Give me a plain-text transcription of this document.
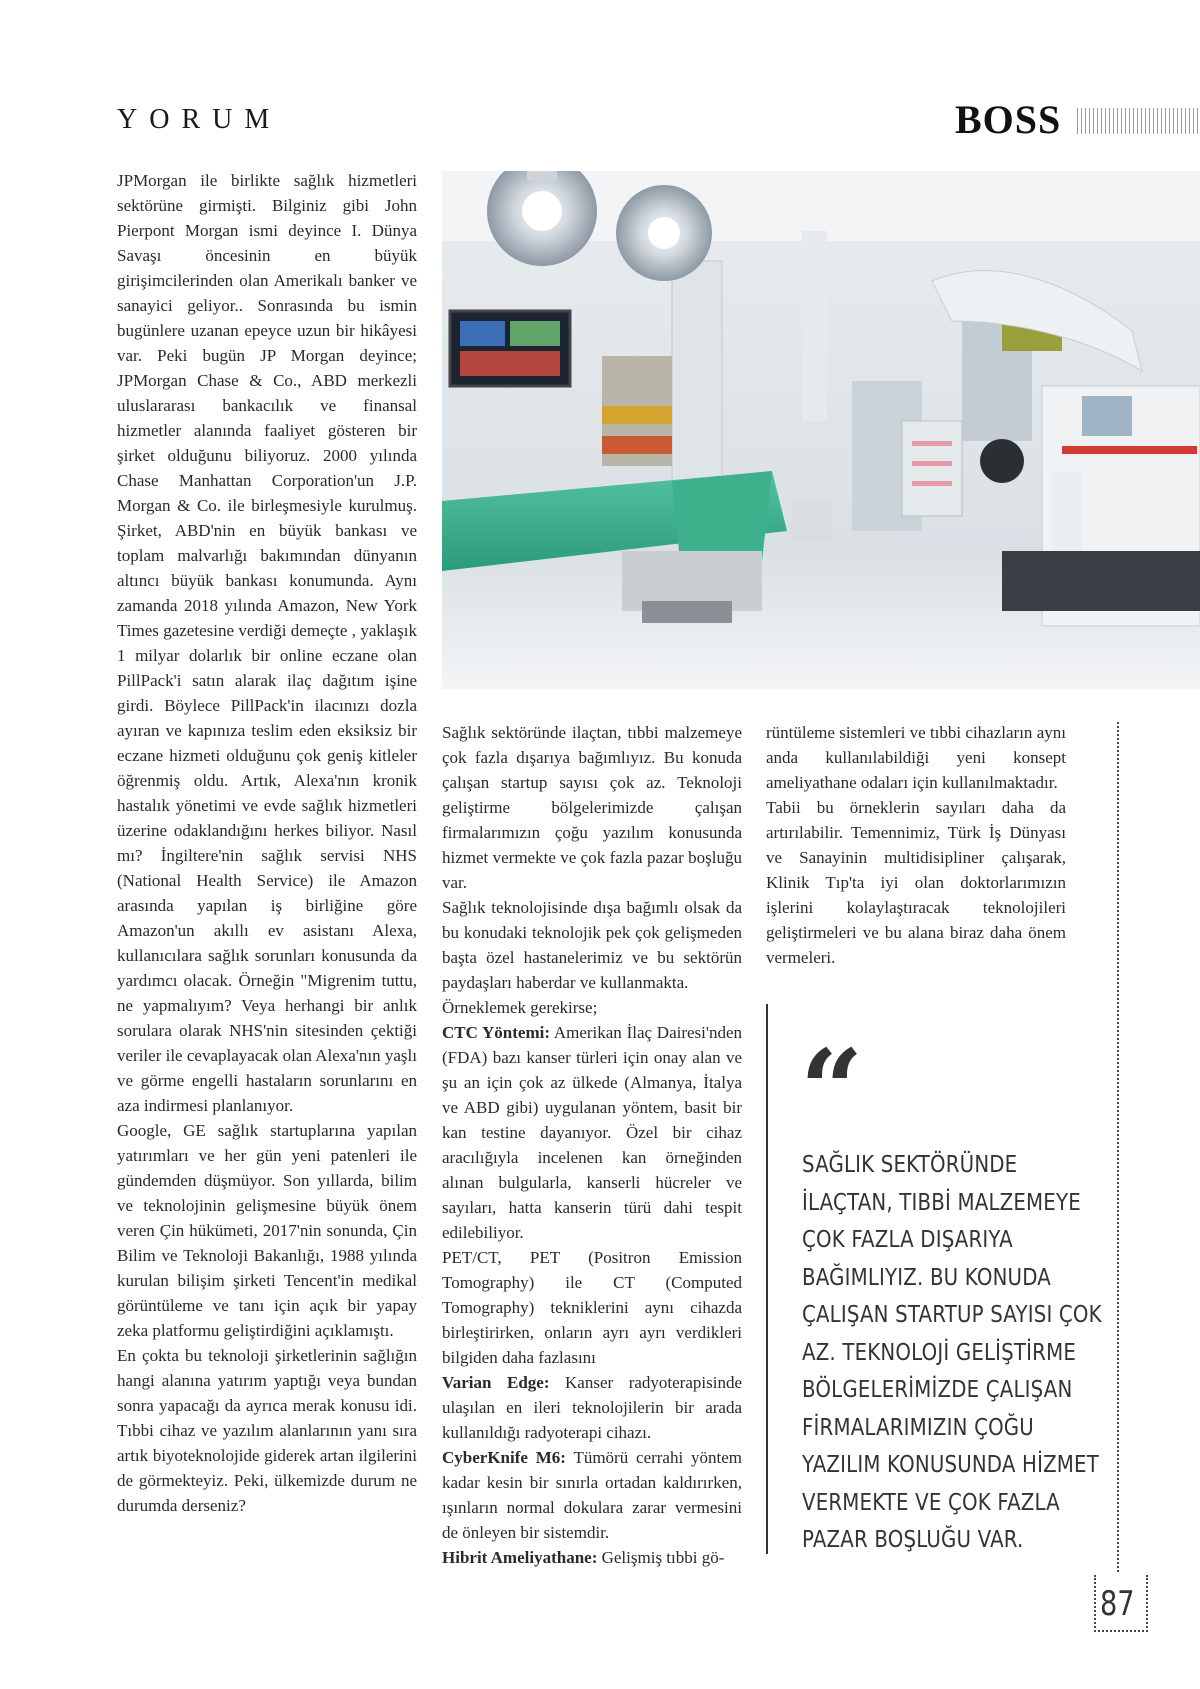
YORUM	BOSS

JPMorgan ile birlikte sağlık hizmetleri sektörüne girmişti. Bilginiz gibi John Pierpont Morgan ismi deyince I. Dünya Savaşı öncesinin en büyük girişimcilerinden olan Amerikalı banker ve sanayici geliyor.. Sonrasında bu ismin bugünlere uzanan epeyce uzun bir hikâyesi var. Peki bugün JP Morgan deyince; JPMorgan Chase & Co., ABD merkezli uluslararası bankacılık ve finansal hizmetler alanında faaliyet gösteren bir şirket olduğunu biliyoruz. 2000 yılında Chase Manhattan Corporation'un J.P. Morgan & Co. ile birleşmesiyle kurulmuş. Şirket, ABD'nin en büyük bankası ve toplam malvarlığı bakımından dünyanın altıncı büyük bankası konumunda. Aynı zamanda 2018 yılında Amazon, New York Times gazetesine verdiği demeçte , yaklaşık 1 milyar dolarlık bir online eczane olan PillPack'i satın alarak ilaç dağıtım işine girdi. Böylece PillPack'in ilacınızı dozla ayıran ve kapınıza teslim eden eksiksiz bir eczane hizmeti olduğunu çok geniş kitleler öğrenmiş oldu. Artık, Alexa'nın kronik hastalık yönetimi ve evde sağlık hizmetleri üzerine odaklandığını herkes biliyor. Nasıl mı? İngiltere'nin sağlık servisi NHS (National Health Service) ile Amazon arasında yapılan iş birliğine göre Amazon'un akıllı ev asistanı Alexa, kullanıcılara sağlık sorunları konusunda da yardımcı olacak. Örneğin "Migrenim tuttu, ne yapmalıyım? Veya herhangi bir anlık sorulara olarak NHS'nin sitesinden çektiği veriler ile cevaplayacak olan Alexa'nın yaşlı ve görme engelli hastaların sorunlarını en aza indirmesi planlanıyor.

Google, GE sağlık startuplarına yapılan yatırımları ve her gün yeni patenleri ile gündemden düşmüyor. Son yıllarda, bilim ve teknolojinin gelişmesine büyük önem veren Çin hükümeti, 2017'nin sonunda, Çin Bilim ve Teknoloji Bakanlığı, 1988 yılında kurulan bilişim şirketi Tencent'in medikal görüntüleme ve tanı için açık bir yapay zeka platformu geliştirdiğini açıklamıştı.

En çokta bu teknoloji şirketlerinin sağlığın hangi alanına yatırım yaptığı veya bundan sonra yapacağı da ayrıca merak konusu idi. Tıbbi cihaz ve yazılım alanlarının yanı sıra artık biyoteknolojide giderek artan ilgilerini de görmekteyiz. Peki, ülkemizde durum ne durumda derseniz?

Sağlık sektöründe ilaçtan, tıbbi malzemeye çok fazla dışarıya bağımlıyız. Bu konuda çalışan startup sayısı çok az. Teknoloji geliştirme bölgelerimizde çalışan firmalarımızın çoğu yazılım konusunda hizmet vermekte ve çok fazla pazar boşluğu var.

Sağlık teknolojisinde dışa bağımlı olsak da bu konudaki teknolojik pek çok gelişmeden başta özel hastanelerimiz ve bu sektörün paydaşları haberdar ve kullanmakta.

Örneklemek gerekirse;

CTC Yöntemi: Amerikan İlaç Dairesi'nden (FDA) bazı kanser türleri için onay alan ve şu an için çok az ülkede (Almanya, İtalya ve ABD gibi) uygulanan yöntem, basit bir kan testine dayanıyor. Özel bir cihaz aracılığıyla incelenen kan örneğinden alınan bulgularla, kanserli hücreler ve sayıları, hatta kanserin türü dahi tespit edilebiliyor.

PET/CT, PET (Positron Emission Tomography) ile CT (Computed Tomography) tekniklerini aynı cihazda birleştirirken, onların ayrı ayrı verdikleri bilgiden daha fazlasını

Varian Edge: Kanser radyoterapisinde ulaşılan en ileri teknolojilerin bir arada kullanıldığı radyoterapi cihazı.

CyberKnife M6: Tümörü cerrahi yöntem kadar kesin bir sınırla ortadan kaldırırken, ışınların normal dokulara zarar vermesini de önleyen bir sistemdir.

Hibrit Ameliyathane: Gelişmiş tıbbi gö-

rüntüleme sistemleri ve tıbbi cihazların aynı anda kullanılabildiği yeni konsept ameliyathane odaları için kullanılmaktadır.

Tabii bu örneklerin sayıları daha da artırılabilir. Temennimiz, Türk İş Dünyası ve Sanayinin multidisipliner çalışarak, Klinik Tıp'ta iyi olan doktorlarımızın işlerini kolaylaştıracak teknolojileri geliştirmeleri ve bu alana biraz daha önem vermeleri.

“
SAĞLIK SEKTÖRÜNDE
İLAÇTAN, TIBBİ MALZEMEYE
ÇOK FAZLA DIŞARIYA
BAĞIMLIYIZ. BU KONUDA
ÇALIŞAN STARTUP SAYISI ÇOK
AZ. TEKNOLOJİ GELİŞTİRME
BÖLGELERİMİZDE ÇALIŞAN
FİRMALARIMIZIN ÇOĞU
YAZILIM KONUSUNDA HİZMET
VERMEKTE VE ÇOK FAZLA
PAZAR BOŞLUĞU VAR.
87
